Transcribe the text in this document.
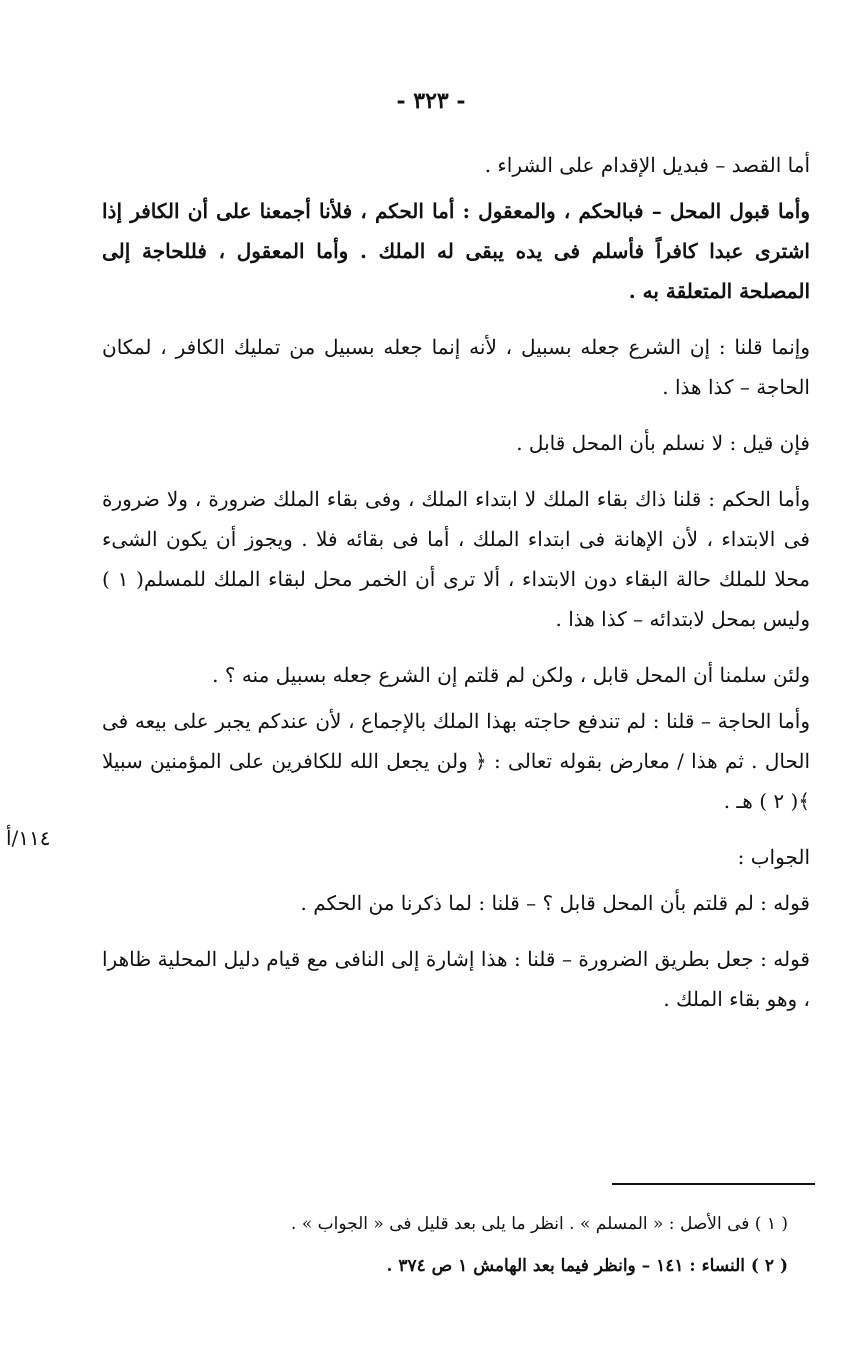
- ٣٢٣ -

أما القصد – فبديل الإقدام على الشراء .

وأما قبول المحل – فبالحكم ، والمعقول : أما الحكم ، فلأنا أجمعنا على أن الكافر إذا اشترى عبدا كافراً فأسلم فى يده يبقى له الملك . وأما المعقول ، فللحاجة إلى المصلحة المتعلقة به .

وإنما قلنا : إن الشرع جعله بسبيل ، لأنه إنما جعله بسبيل من تمليك الكافر ، لمكان الحاجة – كذا هذا .

فإن قيل : لا نسلم بأن المحل قابل .

وأما الحكم : قلنا ذاك بقاء الملك لا ابتداء الملك ، وفى بقاء الملك ضرورة ، ولا ضرورة فى الابتداء ، لأن الإهانة فى ابتداء الملك ، أما فى بقائه فلا . ويجوز أن يكون الشىء محلا للملك حالة البقاء دون الابتداء ، ألا ترى أن الخمر محل لبقاء الملك للمسلم( ١ ) وليس بمحل لابتدائه – كذا هذا .

ولئن سلمنا أن المحل قابل ، ولكن لم قلتم إن الشرع جعله بسبيل منه ؟ .

وأما الحاجة – قلنا : لم تندفع حاجته بهذا الملك بالإجماع ، لأن عندكم يجبر على بيعه فى الحال . ثم هذا / معارض بقوله تعالى : ﴿ ولن يجعل الله للكافرين على المؤمنين سبيلا ﴾( ٢ ) هـ .

الجواب :

قوله : لم قلتم بأن المحل قابل ؟ – قلنا : لما ذكرنا من الحكم .

قوله : جعل بطريق الضرورة – قلنا : هذا إشارة إلى النافى مع قيام دليل المحلية ظاهرا ، وهو بقاء الملك .

١١٤/أ

( ١ ) فى الأصل : « المسلم » . انظر ما يلى بعد قليل فى « الجواب » .

( ٢ ) النساء : ١٤١ – وانظر فيما بعد الهامش ١ ص ٣٧٤ .
